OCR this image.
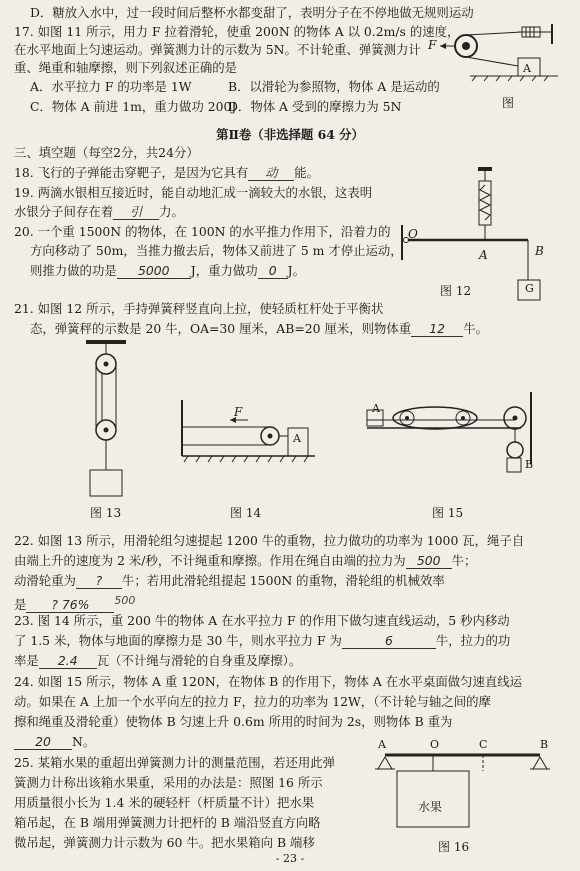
D．糖放入水中，过一段时间后整杯水都变甜了，表明分子在不停地做无规则运动
17. 如图 11 所示，用力 F 拉着滑轮，使重 200N 的物体 A 以 0.2m/s 的速度，
在水平地面上匀速运动。弹簧测力计的示数为 5N。不计轮重、弹簧测力计
重、绳重和轴摩擦，则下列叙述正确的是
A．水平拉力 F 的功率是 1W	B．以滑轮为参照物，物体 A 是运动的
C．物体 A 前进 1m，重力做功 200J
D．物体 A 受到的摩擦力为 5N
F
A
图
第Ⅱ卷（非选择题 64 分）
三、填空题（每空2分，共24分）
18. 飞行的子弹能击穿靶子，是因为它具有 动 能。
19. 两滴水银相互接近时，能自动地汇成一滴较大的水银，这表明
水银分子间存在着 引 力。
20. 一个重 1500N 的物体，在 100N 的水平推力作用下，沿着力的
方向移动了 50m，当推力撤去后，物体又前进了 5 m 才停止运动，
则推力做的功是 5000 J，重力做功 0 J。
21. 如图 12 所示，手持弹簧秤竖直向上拉，使轻质杠杆处于平衡状
态，弹簧秤的示数是 20 牛，OA=30 厘米，AB=20 厘米，则物体重 12 牛。
O
A	B
G
图 12
图 13
F
A
图 14
A
B
图 15
22. 如图 13 所示，用滑轮组匀速提起 1200 牛的重物，拉力做功的功率为 1000 瓦，绳子自
由端上升的速度为 2 米/秒，不计绳重和摩擦。作用在绳自由端的拉力为 500 牛；
动滑轮重为 ? 牛；若用此滑轮组提起 1500N 的重物，滑轮组的机械效率
是 ? 76% 500
23. 图 14 所示，重 200 牛的物体 A 在水平拉力 F 的作用下做匀速直线运动，5 秒内移动
了 1.5 米，物体与地面的摩擦力是 30 牛，则水平拉力 F 为	6	牛，拉力的功
率是 2.4 瓦（不计绳与滑轮的自身重及摩擦）。
24. 如图 15 所示，物体 A 重 120N，在物体 B 的作用下，物体 A 在水平桌面做匀速直线运
动。如果在 A 上加一个水平向左的拉力 F，拉力的功率为 12W，（不计轮与轴之间的摩
擦和绳重及滑轮重）使物体 B 匀速上升 0.6m 所用的时间为 2s，则物体 B 重为
20 N。
25. 某箱水果的重超出弹簧测力计的测量范围，若还用此弹
簧测力计称出该箱水果重，采用的办法是：照图 16 所示
用质量很小长为 1.4 米的硬轻杆（杆质量不计）把水果
箱吊起，在 B 端用弹簧测力计把杆的 B 端沿竖直方向略
微吊起，弹簧测力计示数为 60 牛。把水果箱向 B 端移
A	O	C	B
水果
图 16
- 23 -
